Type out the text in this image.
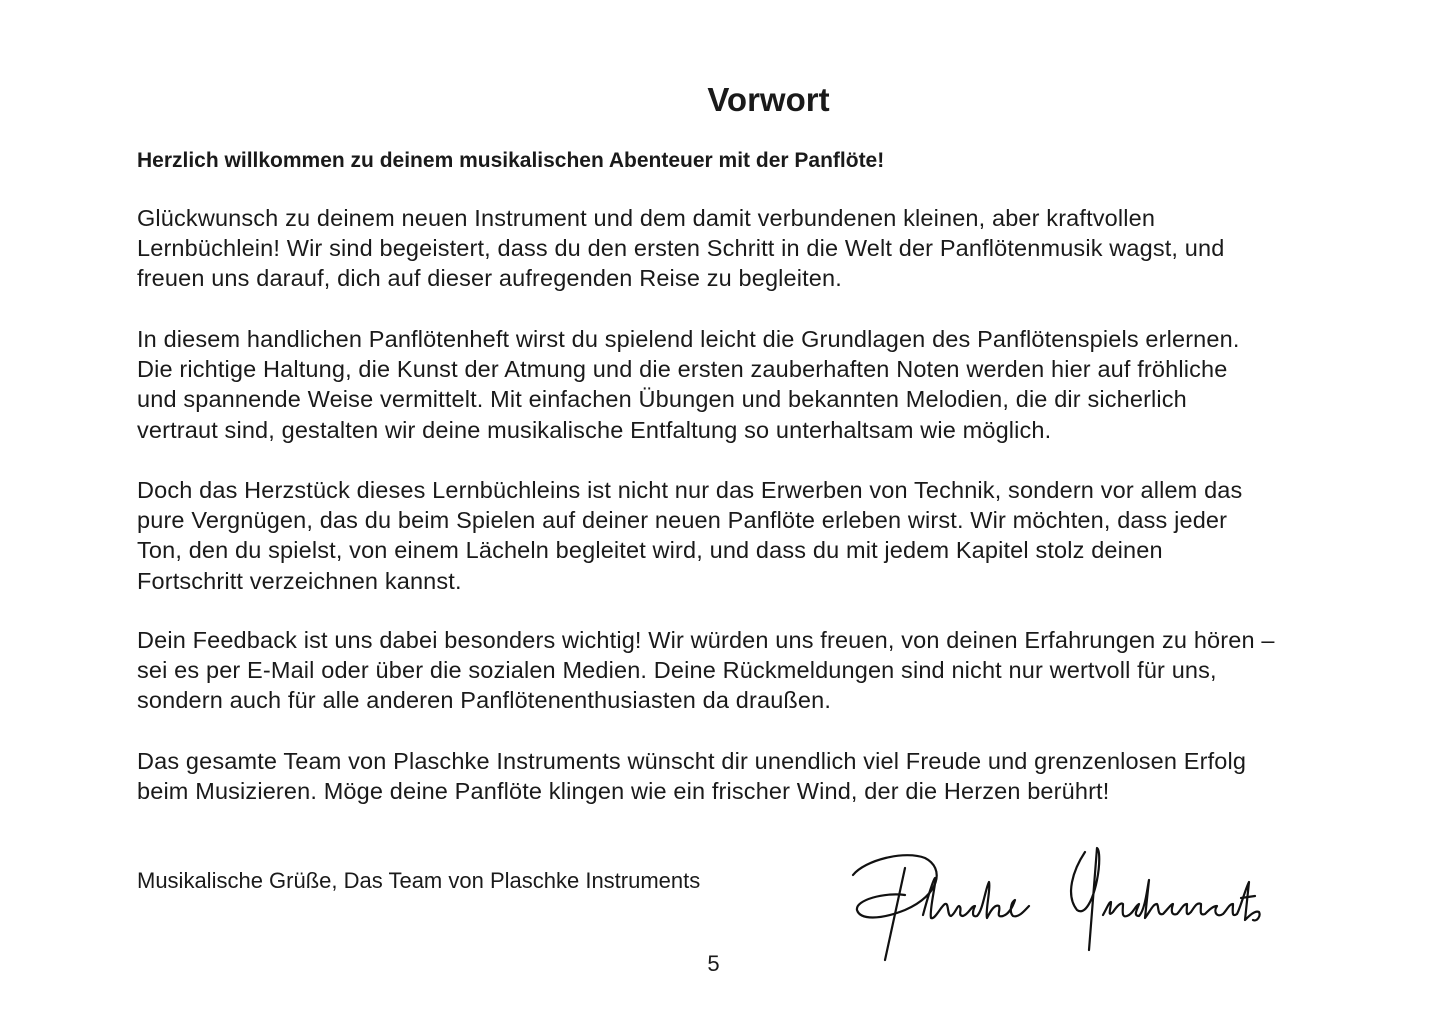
Vorwort

Herzlich willkommen zu deinem musikalischen Abenteuer mit der Panflöte!

Glückwunsch zu deinem neuen Instrument und dem damit verbundenen kleinen, aber kraftvollen
Lernbüchlein! Wir sind begeistert, dass du den ersten Schritt in die Welt der Panflötenmusik wagst, und
freuen uns darauf, dich auf dieser aufregenden Reise zu begleiten.

In diesem handlichen Panflötenheft wirst du spielend leicht die Grundlagen des Panflötenspiels erlernen.
Die richtige Haltung, die Kunst der Atmung und die ersten zauberhaften Noten werden hier auf fröhliche
und spannende Weise vermittelt. Mit einfachen Übungen und bekannten Melodien, die dir sicherlich
vertraut sind, gestalten wir deine musikalische Entfaltung so unterhaltsam wie möglich.

Doch das Herzstück dieses Lernbüchleins ist nicht nur das Erwerben von Technik, sondern vor allem das
pure Vergnügen, das du beim Spielen auf deiner neuen Panflöte erleben wirst. Wir möchten, dass jeder
Ton, den du spielst, von einem Lächeln begleitet wird, und dass du mit jedem Kapitel stolz deinen
Fortschritt verzeichnen kannst.

Dein Feedback ist uns dabei besonders wichtig! Wir würden uns freuen, von deinen Erfahrungen zu hören –
sei es per E-Mail oder über die sozialen Medien. Deine Rückmeldungen sind nicht nur wertvoll für uns,
sondern auch für alle anderen Panflötenenthusiasten da draußen.

Das gesamte Team von Plaschke Instruments wünscht dir unendlich viel Freude und grenzenlosen Erfolg
beim Musizieren. Möge deine Panflöte klingen wie ein frischer Wind, der die Herzen berührt!

Musikalische Grüße, Das Team von Plaschke Instruments

5
